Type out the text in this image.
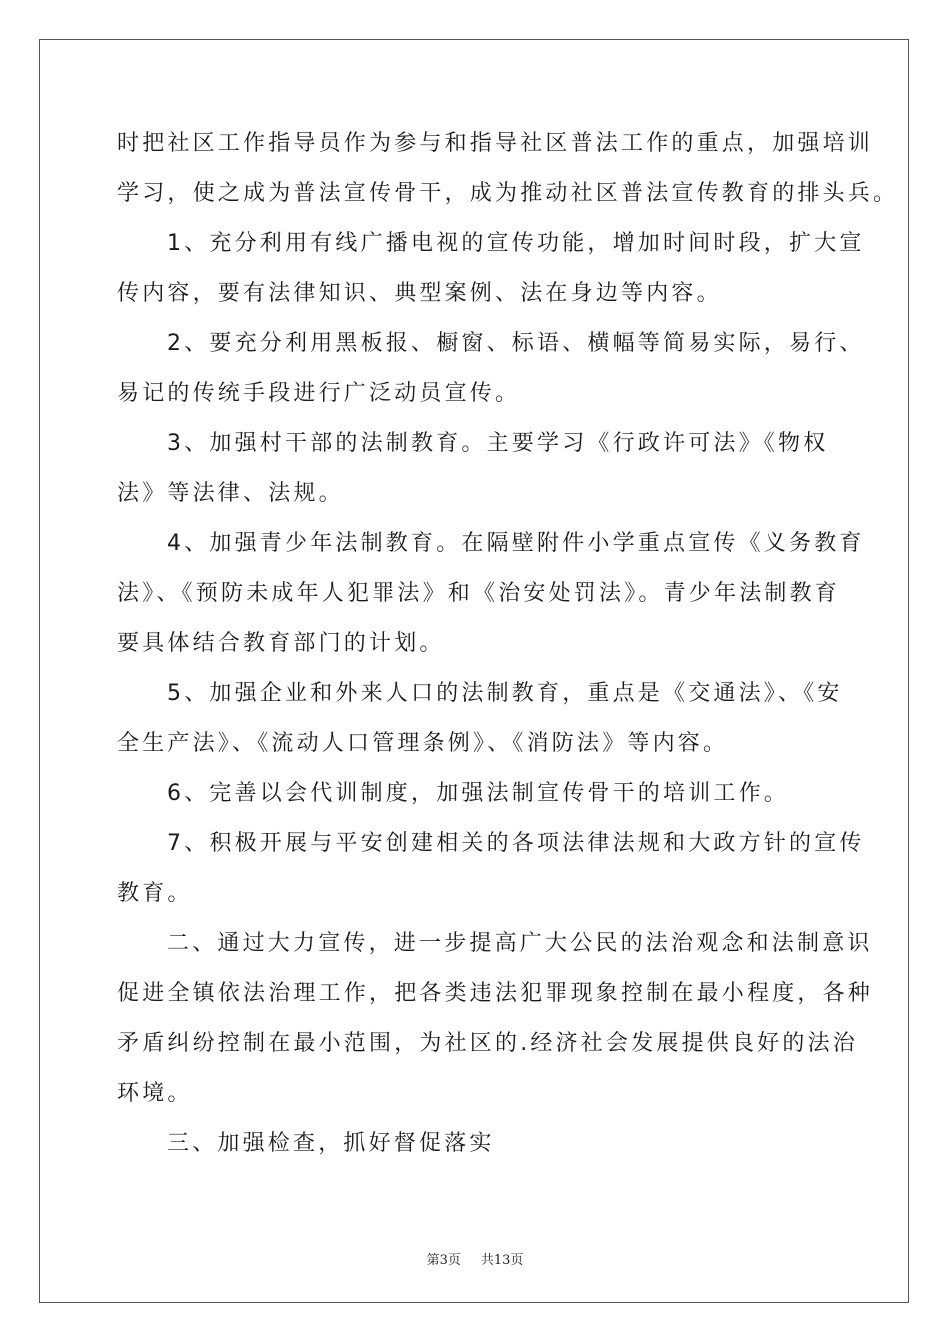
时把社区工作指导员作为参与和指导社区普法工作的重点，加强培训
学习，使之成为普法宣传骨干，成为推动社区普法宣传教育的排头兵。
1、充分利用有线广播电视的宣传功能，增加时间时段，扩大宣
传内容，要有法律知识、典型案例、法在身边等内容。
2、要充分利用黑板报、橱窗、标语、横幅等简易实际，易行、
易记的传统手段进行广泛动员宣传。
3、加强村干部的法制教育。主要学习《行政许可法》《物权
法》等法律、法规。
4、加强青少年法制教育。在隔壁附件小学重点宣传《义务教育
法》、《预防未成年人犯罪法》和《治安处罚法》。青少年法制教育
要具体结合教育部门的计划。
5、加强企业和外来人口的法制教育，重点是《交通法》、《安
全生产法》、《流动人口管理条例》、《消防法》等内容。
6、完善以会代训制度，加强法制宣传骨干的培训工作。
7、积极开展与平安创建相关的各项法律法规和大政方针的宣传
教育。
二、通过大力宣传，进一步提高广大公民的法治观念和法制意识
促进全镇依法治理工作，把各类违法犯罪现象控制在最小程度，各种
矛盾纠纷控制在最小范围，为社区的.经济社会发展提供良好的法治
环境。
三、加强检查，抓好督促落实
第3页 共13页
